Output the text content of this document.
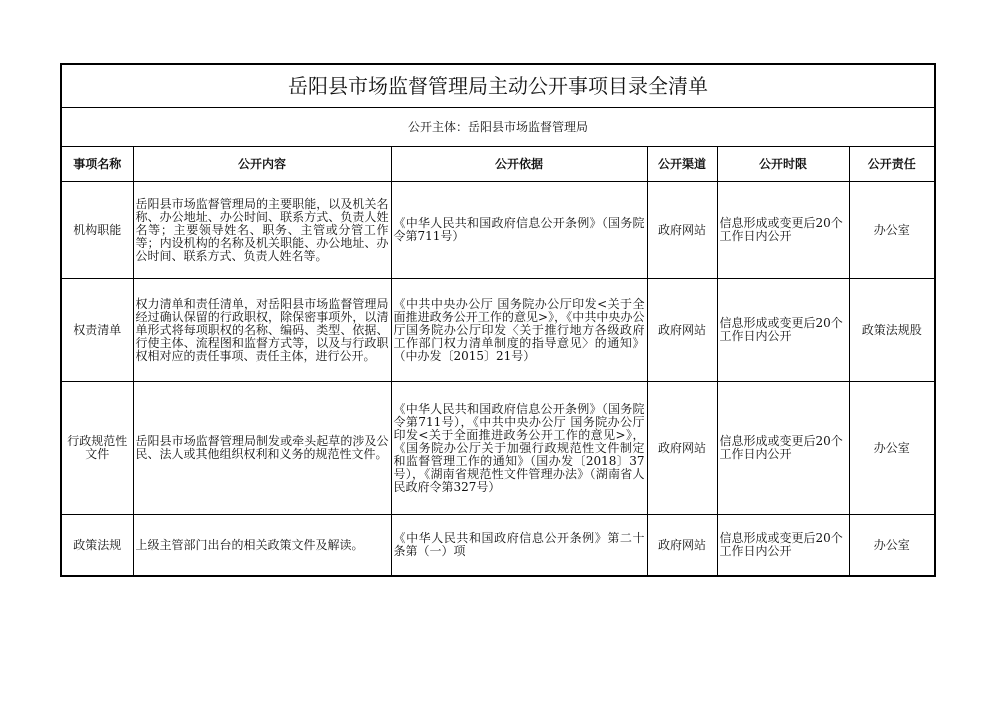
岳阳县市场监督管理局主动公开事项目录全清单					
公开主体：岳阳县市场监督管理局					
事项名称	公开内容	公开依据	公开渠道	公开时限	公开责任
机构职能	岳阳县市场监督管理局的主要职能，以及机关名称、办公地址、办公时间、联系方式、负责人姓名等；主要领导姓名、职务、主管或分管工作等；内设机构的名称及机关职能、办公地址、办公时间、联系方式、负责人姓名等。	《中华人民共和国政府信息公开条例》（国务院令第711号）	政府网站	信息形成或变更后20个工作日内公开	办公室
权责清单	权力清单和责任清单，对岳阳县市场监督管理局经过确认保留的行政职权，除保密事项外，以清单形式将每项职权的名称、编码、类型、依据、行使主体、流程图和监督方式等，以及与行政职权相对应的责任事项、责任主体，进行公开。	《中共中央办公厅 国务院办公厅印发<关于全面推进政务公开工作的意见>》，《中共中央办公厅国务院办公厅印发〈关于推行地方各级政府工作部门权力清单制度的指导意见〉的通知》（中办发〔2015〕21号）	政府网站	信息形成或变更后20个工作日内公开	政策法规股
行政规范性文件	岳阳县市场监督管理局制发或牵头起草的涉及公民、法人或其他组织权利和义务的规范性文件。	《中华人民共和国政府信息公开条例》（国务院令第711号），《中共中央办公厅 国务院办公厅印发<关于全面推进政务公开工作的意见>》，《国务院办公厅关于加强行政规范性文件制定和监督管理工作的通知》（国办发〔2018〕37号），《湖南省规范性文件管理办法》（湖南省人民政府令第327号）	政府网站	信息形成或变更后20个工作日内公开	办公室
政策法规	上级主管部门出台的相关政策文件及解读。	《中华人民共和国政府信息公开条例》第二十条第（一）项	政府网站	信息形成或变更后20个工作日内公开	办公室
